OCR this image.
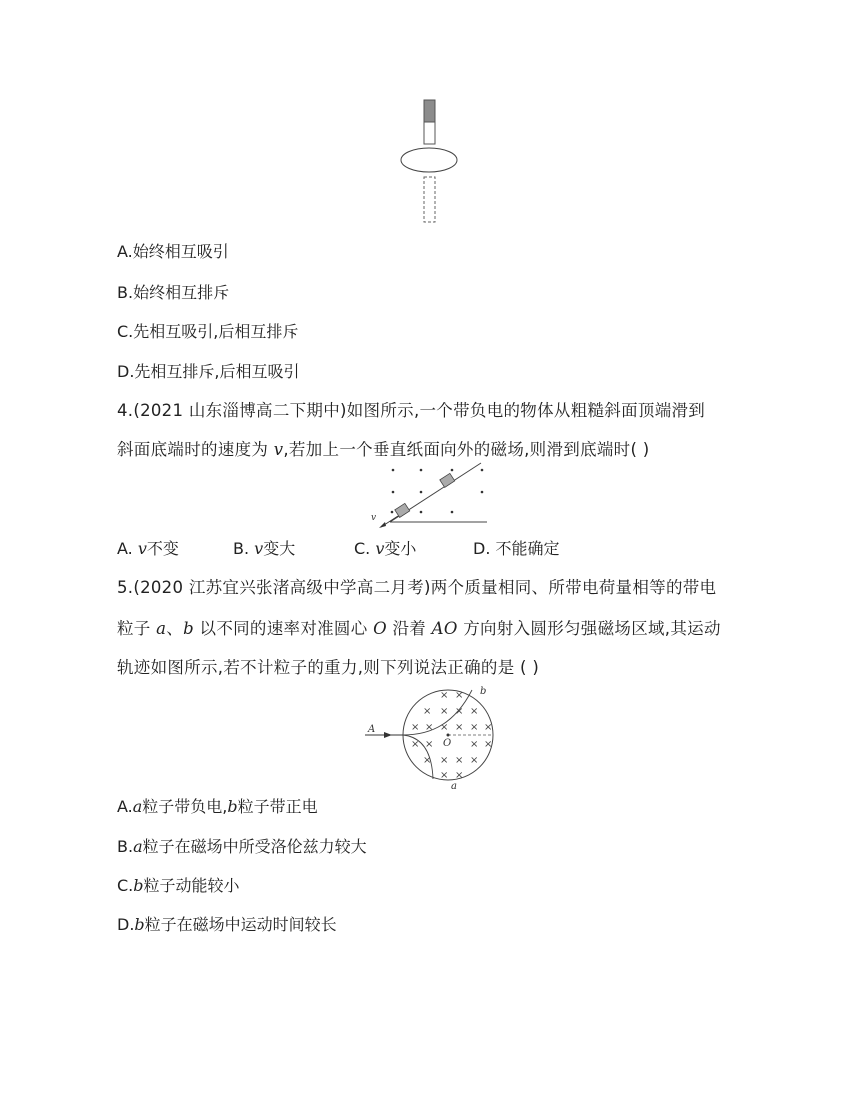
A.始终相互吸引
B.始终相互排斥
C.先相互吸引,后相互排斥
D.先相互排斥,后相互吸引
4.(2021 山东淄博高二下期中)如图所示,一个带负电的物体从粗糙斜面顶端滑到
斜面底端时的速度为 v,若加上一个垂直纸面向外的磁场,则滑到底端时( )
v
A. v不变	B. v变大	C. v变小	D. 不能确定
5.(2020 江苏宜兴张渚高级中学高二月考)两个质量相同、所带电荷量相等的带电
粒子 a、b 以不同的速率对准圆心 O 沿着 AO 方向射入圆形匀强磁场区域,其运动
轨迹如图所示,若不计粒子的重力,则下列说法正确的是 ( )
× ×
× × × ×
× × × × × ×
× ×	× ×
× × × ×
× ×
A
O
b
a
A.a粒子带负电,b粒子带正电
B.a粒子在磁场中所受洛伦兹力较大
C.b粒子动能较小
D.b粒子在磁场中运动时间较长
